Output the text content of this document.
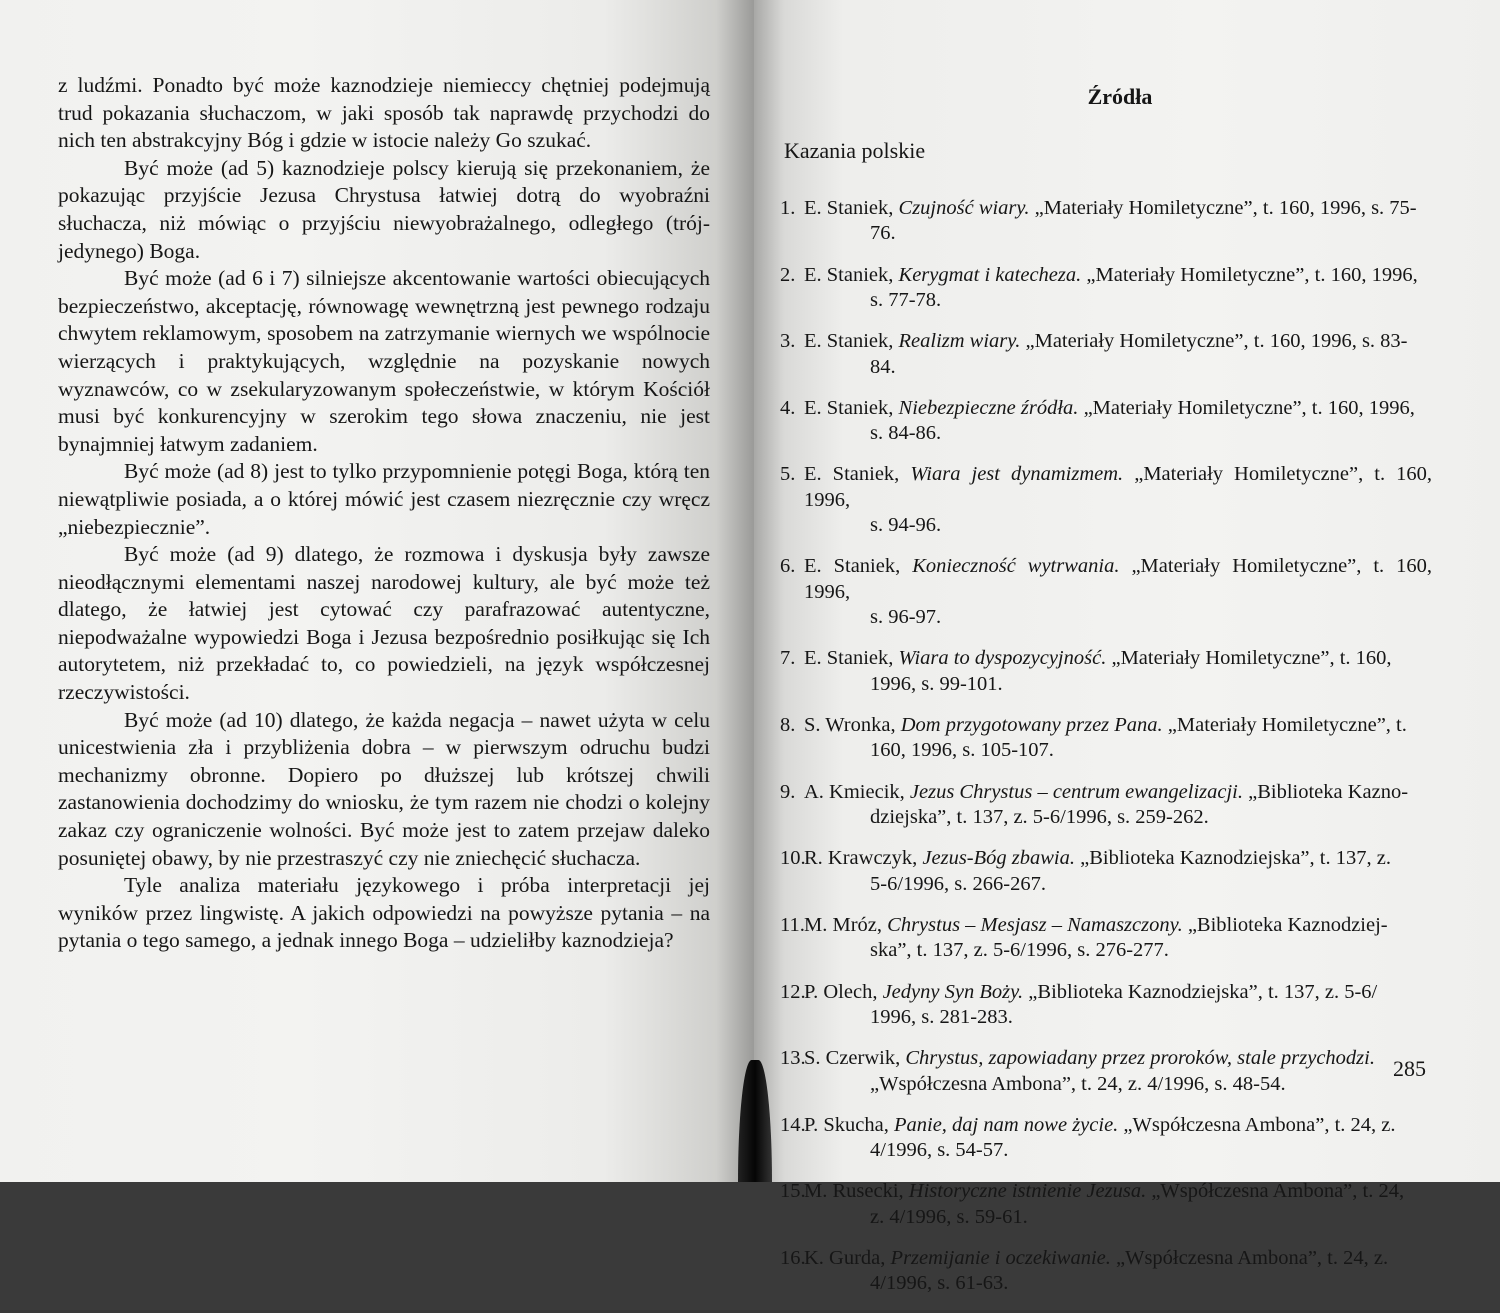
z ludźmi. Ponadto być może kaznodzieje niemieccy chętniej podejmują trud pokazania słuchaczom, w jaki sposób tak naprawdę przychodzi do nich ten abstrakcyjny Bóg i gdzie w istocie należy Go szukać.

Być może (ad 5) kaznodzieje polscy kierują się przekonaniem, że pokazując przyjście Jezusa Chrystusa łatwiej dotrą do wyobraźni słuchacza, niż mówiąc o przyjściu niewyobrażalnego, odległego (trój-jedynego) Boga.

Być może (ad 6 i 7) silniejsze akcentowanie wartości obiecujących bezpieczeństwo, akceptację, równowagę wewnętrzną jest pewnego rodzaju chwytem reklamowym, sposobem na zatrzymanie wiernych we wspólnocie wierzących i praktykujących, względnie na pozyskanie nowych wyznawców, co w zsekularyzowanym społeczeństwie, w którym Kościół musi być konkurencyjny w szerokim tego słowa znaczeniu, nie jest bynajmniej łatwym zadaniem.

Być może (ad 8) jest to tylko przypomnienie potęgi Boga, którą ten niewątpliwie posiada, a o której mówić jest czasem niezręcznie czy wręcz „niebezpiecznie”.

Być może (ad 9) dlatego, że rozmowa i dyskusja były zawsze nieodłącznymi elementami naszej narodowej kultury, ale być może też dlatego, że łatwiej jest cytować czy parafrazować autentyczne, niepodważalne wypowiedzi Boga i Jezusa bezpośrednio posiłkując się Ich autorytetem, niż przekładać to, co powiedzieli, na język współczesnej rzeczywistości.

Być może (ad 10) dlatego, że każda negacja – nawet użyta w celu unicestwienia zła i przybliżenia dobra – w pierwszym odruchu budzi mechanizmy obronne. Dopiero po dłuższej lub krótszej chwili zastanowienia dochodzimy do wniosku, że tym razem nie chodzi o kolejny zakaz czy ograniczenie wolności. Być może jest to zatem przejaw daleko posuniętej obawy, by nie przestraszyć czy nie zniechęcić słuchacza.

Tyle analiza materiału językowego i próba interpretacji jej wyników przez lingwistę. A jakich odpowiedzi na powyższe pytania – na pytania o tego samego, a jednak innego Boga – udzieliłby kaznodzieja?

Źródła
Kazania polskie
1. E. Staniek, Czujność wiary. „Materiały Homiletyczne”, t. 160, 1996, s. 75-
76.
2. E. Staniek, Kerygmat i katecheza. „Materiały Homiletyczne”, t. 160, 1996,
s. 77-78.
3. E. Staniek, Realizm wiary. „Materiały Homiletyczne”, t. 160, 1996, s. 83-
84.
4. E. Staniek, Niebezpieczne źródła. „Materiały Homiletyczne”, t. 160, 1996,
s. 84-86.
5. E. Staniek, Wiara jest dynamizmem. „Materiały Homiletyczne”, t. 160, 1996,
s. 94-96.
6. E. Staniek, Konieczność wytrwania. „Materiały Homiletyczne”, t. 160, 1996,
s. 96-97.
7. E. Staniek, Wiara to dyspozycyjność. „Materiały Homiletyczne”, t. 160,
1996, s. 99-101.
8. S. Wronka, Dom przygotowany przez Pana. „Materiały Homiletyczne”, t.
160, 1996, s. 105-107.
9. A. Kmiecik, Jezus Chrystus – centrum ewangelizacji. „Biblioteka Kazno-
dziejska”, t. 137, z. 5-6/1996, s. 259-262.
10.
R. Krawczyk, Jezus-Bóg zbawia. „Biblioteka Kaznodziejska”, t. 137, z.
5-6/1996, s. 266-267.
11. M. Mróz, Chrystus – Mesjasz – Namaszczony. „Biblioteka Kaznodziej-
ska”, t. 137, z. 5-6/1996, s. 276-277.
12.
P. Olech, Jedyny Syn Boży. „Biblioteka Kaznodziejska”, t. 137, z. 5-6/
1996, s. 281-283.
13.
S. Czerwik, Chrystus, zapowiadany przez proroków, stale przychodzi.
„Współczesna Ambona”, t. 24, z. 4/1996, s. 48-54.
14.
P. Skucha, Panie, daj nam nowe życie. „Współczesna Ambona”, t. 24, z.
4/1996, s. 54-57.
15.
M. Rusecki, Historyczne istnienie Jezusa. „Współczesna Ambona”, t. 24,
z. 4/1996, s. 59-61.
16.
K. Gurda, Przemijanie i oczekiwanie. „Współczesna Ambona”, t. 24, z.
4/1996, s. 61-63.
285
